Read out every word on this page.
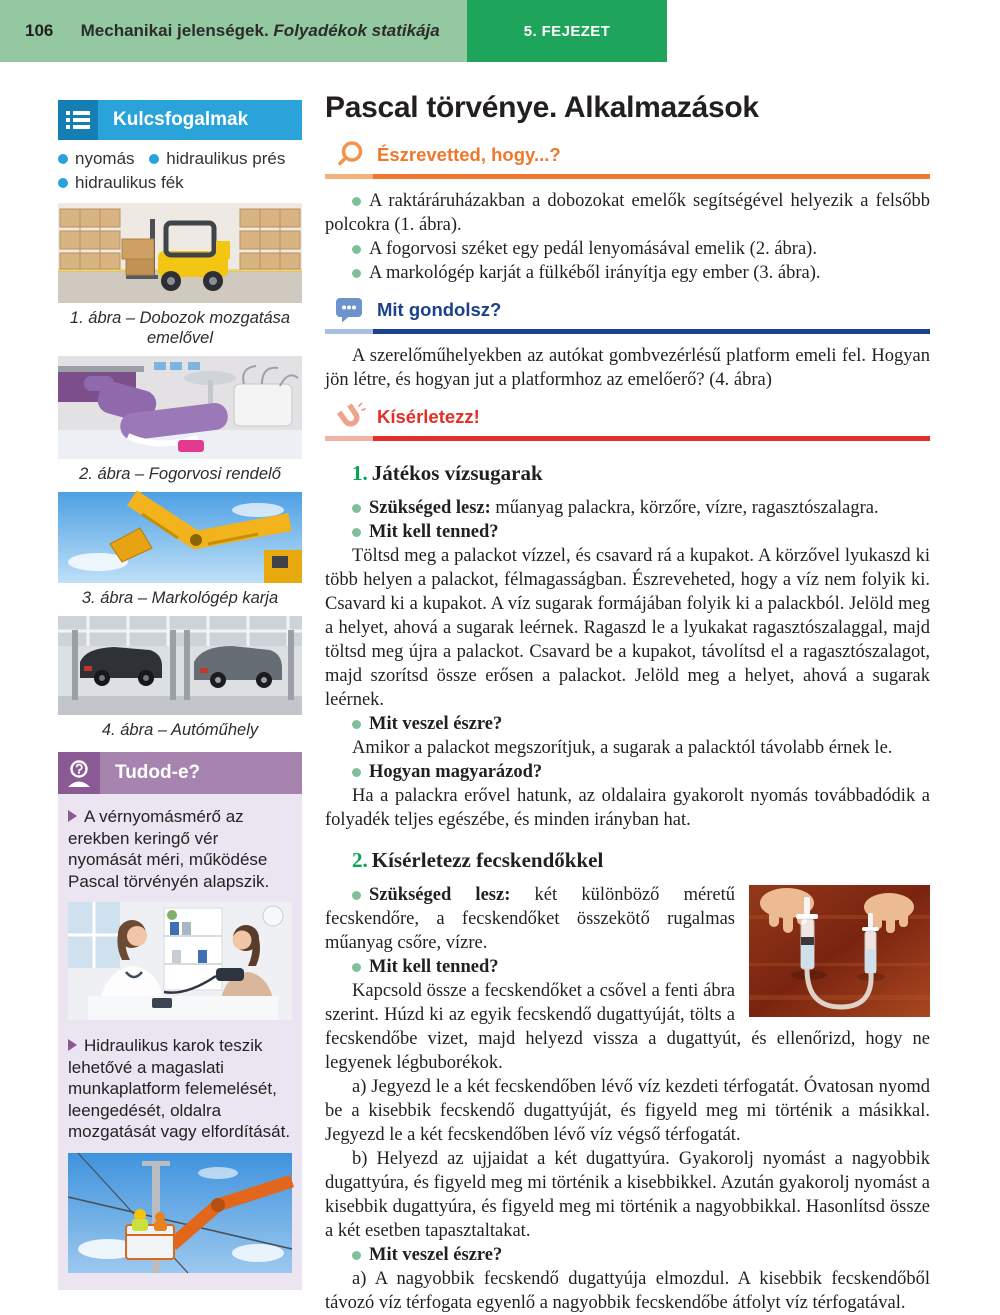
106 Mechanikai jelenségek. Folyadékok statikája	5. FEJEZET
Kulcsfogalmak
nyomás hidraulikus prés hidraulikus fék
1. ábra – Dobozok mozgatása emelővel
2. ábra – Fogorvosi rendelő
3. ábra – Markológép karja
4. ábra – Autóműhely
Tudod-e?

A vérnyomásmérő az erekben keringő vér nyomását méri, működése Pascal törvényén alapszik.

Hidraulikus karok teszik lehetővé a magaslati munkaplatform felemelését, leengedését, oldalra mozgatását vagy elfordítását.

Pascal törvénye. Alkalmazások
Észrevetted, hogy...?

A raktáráruházakban a dobozokat emelők segítségével helyezik a felsőbb polcokra (1. ábra).

A fogorvosi széket egy pedál lenyomásával emelik (2. ábra).

A markológép karját a fülkéből irányítja egy ember (3. ábra).

Mit gondolsz?

A szerelőműhelyekben az autókat gombvezérlésű platform emeli fel. Hogyan jön létre, és hogyan jut a platformhoz az emelőerő? (4. ábra)

Kísérletezz!

1. Játékos vízsugarak

Szükséged lesz: műanyag palackra, körzőre, vízre, ragasztószalagra.

Mit kell tenned?

Töltsd meg a palackot vízzel, és csavard rá a kupakot. A körzővel lyukaszd ki több helyen a palackot, félmagasságban. Észreveheted, hogy a víz nem folyik ki. Csavard ki a kupakot. A víz sugarak formájában folyik ki a palackból. Jelöld meg a helyet, ahová a sugarak leérnek. Ragaszd le a lyukakat ragasztószalaggal, majd töltsd meg újra a palackot. Csavard be a kupakot, távolítsd el a ragasztószalagot, majd szorítsd össze erősen a palackot. Jelöld meg a helyet, ahová a sugarak leérnek.

Mit veszel észre?

Amikor a palackot megszorítjuk, a sugarak a palacktól távolabb érnek le.

Hogyan magyarázod?

Ha a palackra erővel hatunk, az oldalaira gyakorolt nyomás továbbadódik a folyadék teljes egészébe, és minden irányban hat.

2. Kísérletezz fecskendőkkel

Szükséged lesz: két különböző méretű fecskendőre, a fecskendőket összekötő rugalmas műanyag csőre, vízre.

Mit kell tenned?

Kapcsold össze a fecskendőket a csővel a fenti ábra szerint. Húzd ki az egyik fecskendő dugattyúját, tölts a fecskendőbe vizet, majd helyezd vissza a dugattyút, és ellenőrizd, hogy ne legyenek légbuborékok.

a) Jegyezd le a két fecskendőben lévő víz kezdeti térfogatát. Óvatosan nyomd be a kisebbik fecskendő dugattyúját, és figyeld meg mi történik a másikkal. Jegyezd le a két fecskendőben lévő víz végső térfogatát.

b) Helyezd az ujjaidat a két dugattyúra. Gyakorolj nyomást a nagyobbik dugattyúra, és figyeld meg mi történik a kisebbikkel. Azután gyakorolj nyomást a kisebbik dugattyúra, és figyeld meg mi történik a nagyobbikkal. Hasonlítsd össze a két esetben tapasztaltakat.

Mit veszel észre?

a) A nagyobbik fecskendő dugattyúja elmozdul. A kisebbik fecskendőből távozó víz térfogata egyenlő a nagyobbik fecskendőbe átfolyt víz térfogatával.
